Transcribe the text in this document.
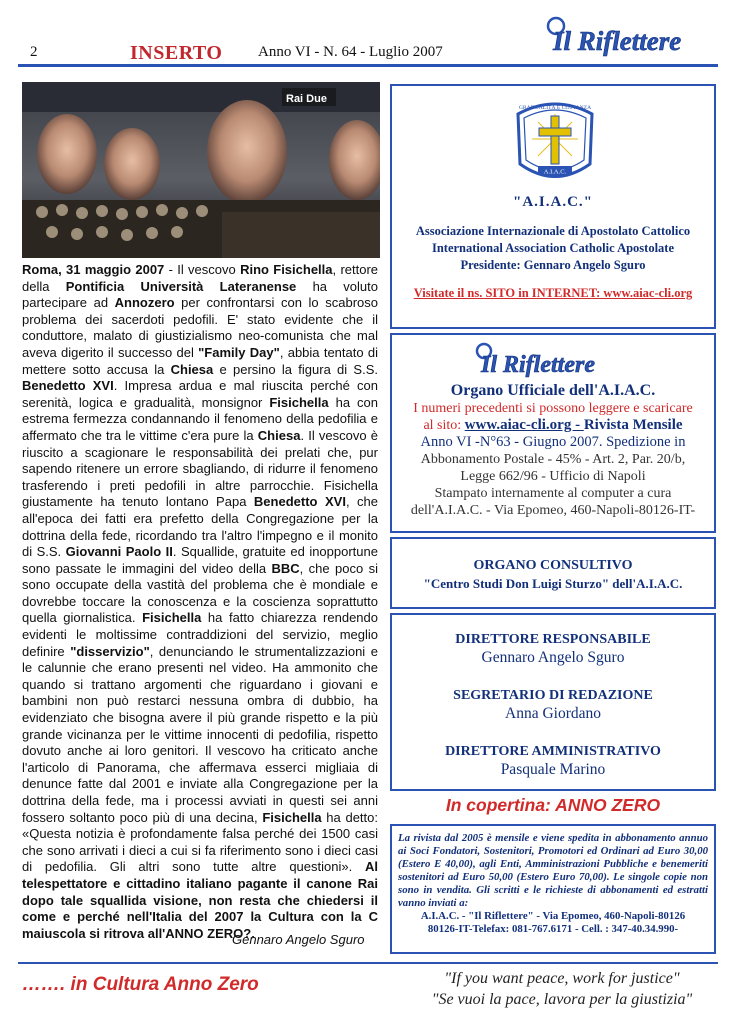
2	INSERTO Anno VI - N. 64 - Luglio 2007	Il Riflettere
Rai Due

Roma, 31 maggio 2007 - Il vescovo Rino Fisichella, rettore della Pontificia Università Lateranense ha voluto partecipare ad Annozero per confrontarsi con lo scabroso problema dei sacerdoti pedofili. E' stato evidente che il conduttore, malato di giustizialismo neo-comunista che mal aveva digerito il successo del "Family Day", abbia tentato di mettere sotto accusa la Chiesa e persino la figura di S.S. Benedetto XVI. Impresa ardua e mal riuscita perché con serenità, logica e gradualità, monsignor Fisichella ha con estrema fermezza condannando il fenomeno della pedofilia e affermato che tra le vittime c'era pure la Chiesa. Il vescovo è riuscito a scagionare le responsabilità dei prelati che, pur sapendo ritenere un errore sbagliando, di ridurre il fenomeno trasferendo i preti pedofili in altre parrocchie. Fisichella giustamente ha tenuto lontano Papa Benedetto XVI, che all'epoca dei fatti era prefetto della Congregazione per la dottrina della fede, ricordando tra l'altro l'impegno e il monito di S.S. Giovanni Paolo II. Squallide, gratuite ed inopportune sono passate le immagini del video della BBC, che poco si sono occupate della vastità del problema che è mondiale e dovrebbe toccare la conoscenza e la coscienza soprattutto quella giornalistica. Fisichella ha fatto chiarezza rendendo evidenti le moltissime contraddizioni del servizio, meglio definire "disservizio", denunciando le strumentalizzazioni e le calunnie che erano presenti nel video. Ha ammonito che quando si trattano argomenti che riguardano i giovani e bambini non può restarci nessuna ombra di dubbio, ha evidenziato che bisogna avere il più grande rispetto e la più grande vicinanza per le vittime innocenti di pedofilia, rispetto dovuto anche ai loro genitori. Il vescovo ha criticato anche l'articolo di Panorama, che affermava esserci migliaia di denunce fatte dal 2001 e inviate alla Congregazione per la dottrina della fede, ma i processi avviati in questi sei anni fossero soltanto poco più di una decina, Fisichella ha detto: «Questa notizia è profondamente falsa perché dei 1500 casi che sono arrivati i dieci a cui si fa riferimento sono i dieci casi di pedofilia. Gli altri sono tutte altre questioni». Al telespettatore e cittadino italiano pagante il canone Rai dopo tale squallida visione, non resta che chiedersi il come e perché nell'Italia del 2007 la Cultura con la C maiuscola si ritrova all'ANNO ZERO?.

Gennaro Angelo Sguro
A.I.A.C.
GRADUALITÀ E COSTANZA
"A.I.A.C."
Associazione Internazionale di Apostolato Cattolico
International Association Catholic Apostolate
Presidente: Gennaro Angelo Sguro
Visitate il ns. SITO in INTERNET: www.aiac-cli.org
Il Riflettere
Organo Ufficiale dell'A.I.A.C.
I numeri precedenti si possono leggere e scaricare
al sito: www.aiac-cli.org - Rivista Mensile
Anno VI -N°63 - Giugno 2007. Spedizione in
Abbonamento Postale - 45% - Art. 2, Par. 20/b,
Legge 662/96 - Ufficio di Napoli
Stampato internamente al computer a cura
dell'A.I.A.C. - Via Epomeo, 460-Napoli-80126-IT-
ORGANO CONSULTIVO
"Centro Studi Don Luigi Sturzo" dell'A.I.A.C.
DIRETTORE RESPONSABILE
Gennaro Angelo Sguro
SEGRETARIO DI REDAZIONE
Anna Giordano
DIRETTORE AMMINISTRATIVO
Pasquale Marino
In copertina: ANNO ZERO
La rivista dal 2005 è mensile e viene spedita in abbonamento annuo ai Soci Fondatori, Sostenitori, Promotori ed Ordinari ad Euro 30,00 (Estero E 40,00), agli Enti, Amministrazioni Pubbliche e benemeriti sostenitori ad Euro 50,00 (Estero Euro 70,00). Le singole copie non sono in vendita. Gli scritti e le richieste di abbonamenti ed estratti vanno inviati a:
A.I.A.C. - "Il Riflettere" - Via Epomeo, 460-Napoli-80126
80126-IT-Telefax: 081-767.6171 - Cell. : 347-40.34.990-
……. in Cultura Anno Zero	"If you want peace, work for justice"
"Se vuoi la pace, lavora per la giustizia"
